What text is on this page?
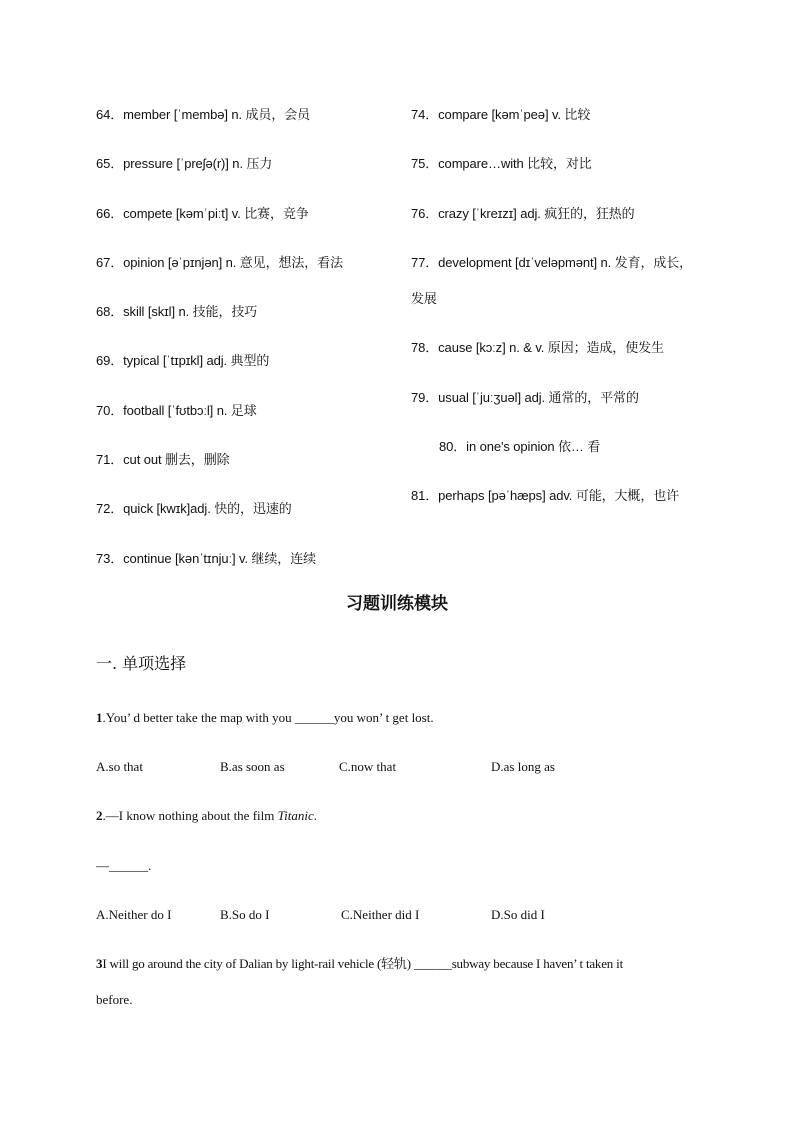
64．member [ˈmembə] n. 成员，会员
65．pressure [ˈpreʃə(r)] n. 压力
66．compete [kəmˈpiːt] v. 比赛，竞争
67．opinion [əˈpɪnjən] n. 意见，想法，看法
68．skill [skɪl] n. 技能，技巧
69．typical [ˈtɪpɪkl] adj. 典型的
70．football [ˈfʊtbɔːl] n. 足球
71．cut out 删去，删除
72．quick [kwɪk]adj. 快的，迅速的
73．continue [kənˈtɪnjuː] v. 继续，连续
74．compare [kəmˈpeə] v. 比较
75．compare…with 比较，对比
76．crazy [ˈkreɪzɪ] adj. 疯狂的，狂热的
77．development [dɪˈveləpmənt] n. 发育，成长，
发展
78．cause [kɔːz] n. & v. 原因；造成，使发生
79．usual [ˈjuːʒuəl] adj. 通常的，平常的
80．in one's opinion 依… 看
81．perhaps [pəˈhæps] adv. 可能，大概，也许
习题训练模块
一. 单项选择
1.You’ d better take the map with you ______you won’ t get lost.
A.so that	B.as soon as	C.now that	D.as long as
2.—I know nothing about the film Titanic.
—______.
A.Neither do I	B.So do I	C.Neither did I	D.So did I
3I will go around the city of Dalian by light-rail vehicle (轻轨) ______subway because I haven’ t taken it
before.
